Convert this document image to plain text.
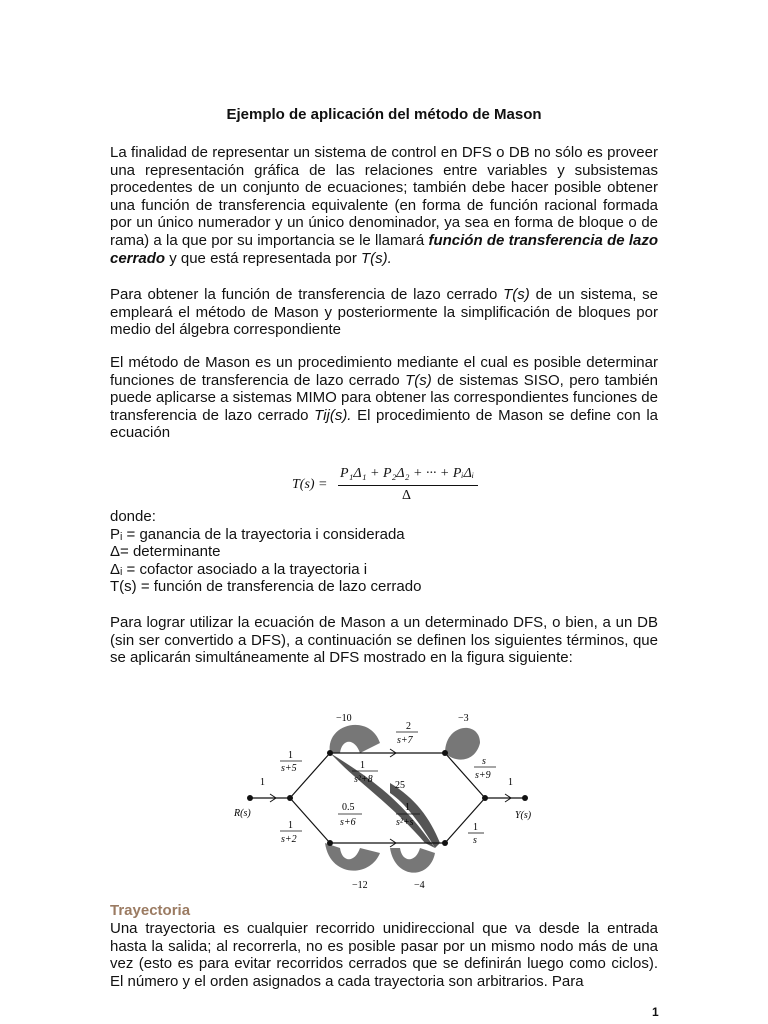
Ejemplo de aplicación del método de Mason

La finalidad de representar un sistema de control en DFS o DB no sólo es proveer una representación gráfica de las relaciones entre variables y subsistemas procedentes de un conjunto de ecuaciones; también debe hacer posible obtener una función de transferencia equivalente (en forma de función racional formada por un único numerador y un único denominador, ya sea en forma de bloque o de rama) a la que por su importancia se le llamará función de transferencia de lazo cerrado y que está representada por T(s).

Para obtener la función de transferencia de lazo cerrado T(s) de un sistema, se empleará el método de Mason y posteriormente la simplificación de bloques por medio del álgebra correspondiente

El método de Mason es un procedimiento mediante el cual es posible determinar funciones de transferencia de lazo cerrado T(s) de sistemas SISO, pero también puede aplicarse a sistemas MIMO para obtener las correspondientes funciones de transferencia de lazo cerrado Tij(s). El procedimiento de Mason se define con la ecuación

T(s) =
P₁Δ₁ + P₂Δ₂ + ··· + PᵢΔᵢ
Δ
donde:
Pᵢ = ganancia de la trayectoria i considerada
Δ= determinante
Δᵢ = cofactor asociado a la trayectoria i
T(s) = función de transferencia de lazo cerrado

Para lograr utilizar la ecuación de Mason a un determinado DFS, o bien, a un DB (sin ser convertido a DFS), a continuación se definen los siguientes términos, que se aplicarán simultáneamente al DFS mostrado en la figura siguiente:

R(s)	Y(s)
1
1
s+5
1
s+2
2
s+7
1
s²+8
25
0.5
s+6
1
s²+s
s
s+9
1
s
1
−10	−3
−12	−4
Trayectoria

Una trayectoria es cualquier recorrido unidireccional que va desde la entrada hasta la salida; al recorrerla, no es posible pasar por un mismo nodo más de una vez (esto es para evitar recorridos cerrados que se definirán luego como ciclos). El número y el orden asignados a cada trayectoria son arbitrarios. Para

1
